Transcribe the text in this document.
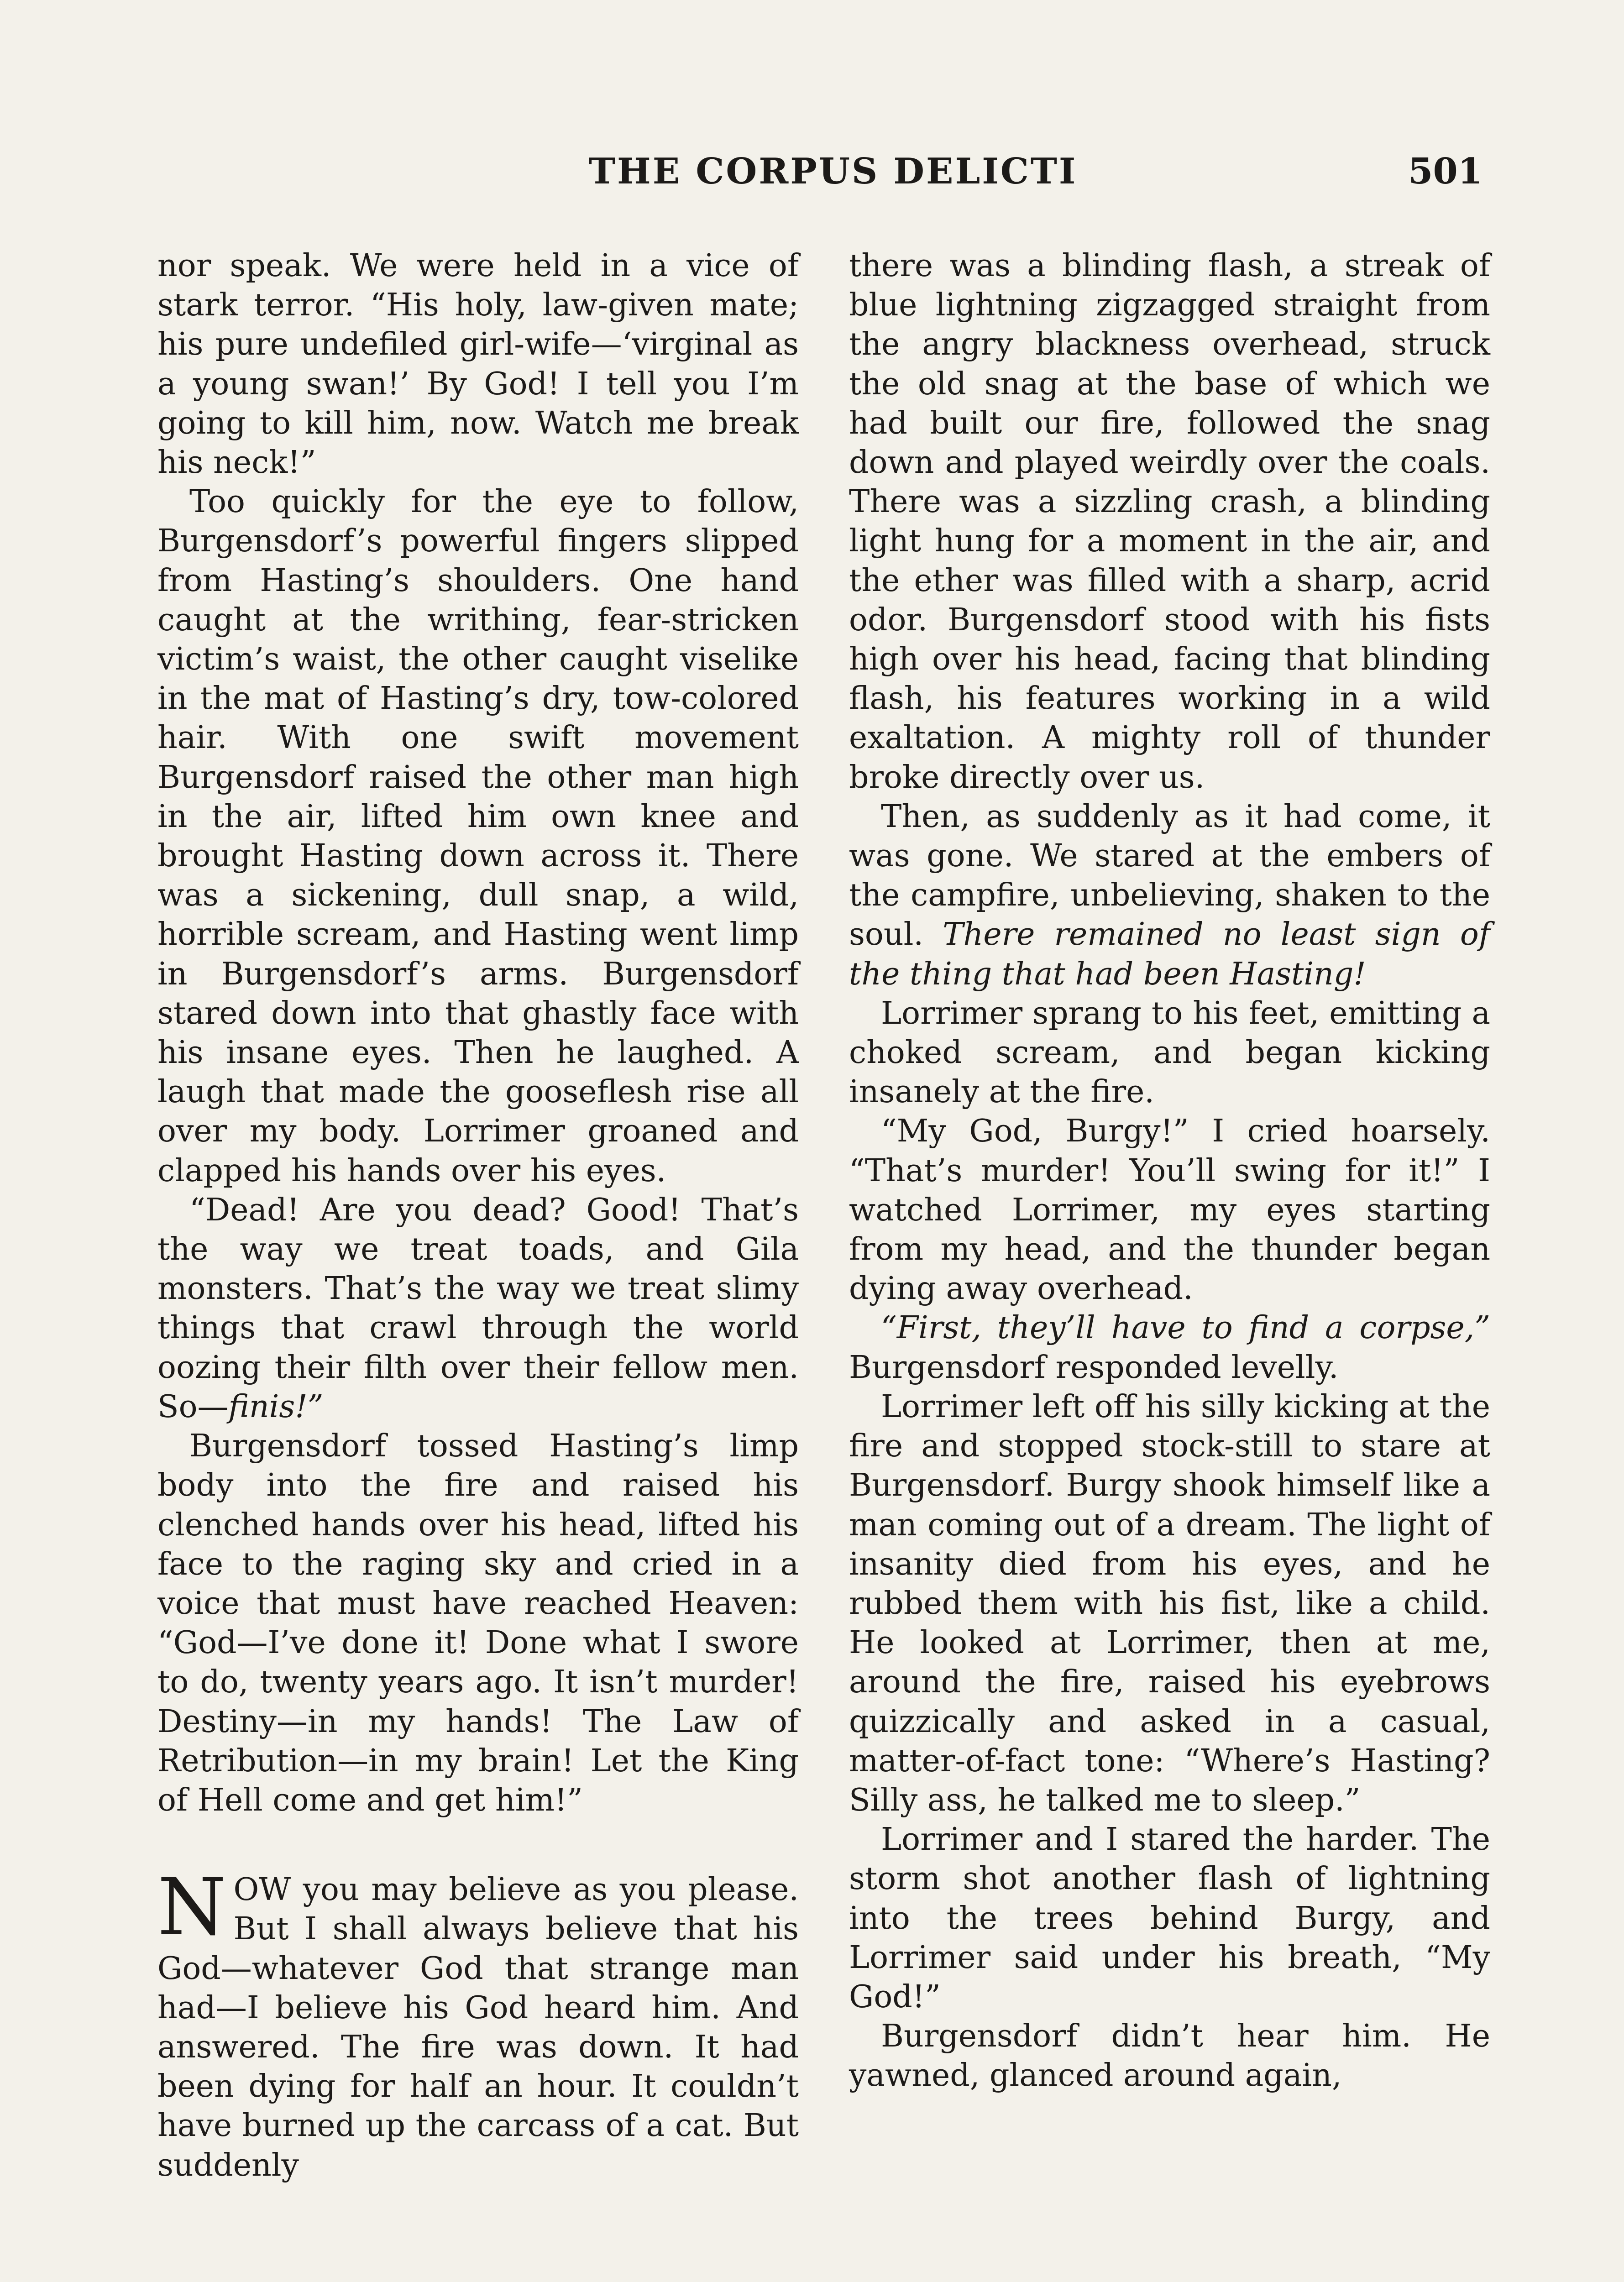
THE CORPUS DELICTI	501

nor speak. We were held in a vice of stark terror. “His holy, law-given mate; his pure undefiled girl-wife—‘virginal as a young swan!’ By God! I tell you I’m going to kill him, now. Watch me break his neck!”

Too quickly for the eye to follow, Burgensdorf’s powerful fingers slipped from Hasting’s shoulders. One hand caught at the writhing, fear-stricken victim’s waist, the other caught viselike in the mat of Hasting’s dry, tow-colored hair. With one swift movement Burgensdorf raised the other man high in the air, lifted him own knee and brought Hasting down across it. There was a sickening, dull snap, a wild, horrible scream, and Hasting went limp in Burgensdorf’s arms. Burgensdorf stared down into that ghastly face with his insane eyes. Then he laughed. A laugh that made the gooseflesh rise all over my body. Lorrimer groaned and clapped his hands over his eyes.

“Dead! Are you dead? Good! That’s the way we treat toads, and Gila monsters. That’s the way we treat slimy things that crawl through the world oozing their filth over their fellow men. So—finis!”

Burgensdorf tossed Hasting’s limp body into the fire and raised his clenched hands over his head, lifted his face to the raging sky and cried in a voice that must have reached Heaven: “God—I’ve done it! Done what I swore to do, twenty years ago. It isn’t murder! Destiny—in my hands! The Law of Retribution—in my brain! Let the King of Hell come and get him!”

NOW you may believe as you please. But I shall always believe that his God—whatever God that strange man had—I believe his God heard him. And answered. The fire was down. It had been dying for half an hour. It couldn’t have burned up the carcass of a cat. But suddenly

there was a blinding flash, a streak of blue lightning zigzagged straight from the angry blackness overhead, struck the old snag at the base of which we had built our fire, followed the snag down and played weirdly over the coals. There was a sizzling crash, a blinding light hung for a moment in the air, and the ether was filled with a sharp, acrid odor. Burgensdorf stood with his fists high over his head, facing that blinding flash, his features working in a wild exaltation. A mighty roll of thunder broke directly over us.

Then, as suddenly as it had come, it was gone. We stared at the embers of the campfire, unbelieving, shaken to the soul. There remained no least sign of the thing that had been Hasting!

Lorrimer sprang to his feet, emitting a choked scream, and began kicking insanely at the fire.

“My God, Burgy!” I cried hoarsely. “That’s murder! You’ll swing for it!” I watched Lorrimer, my eyes starting from my head, and the thunder began dying away overhead.

“First, they’ll have to find a corpse,” Burgensdorf responded levelly.

Lorrimer left off his silly kicking at the fire and stopped stock-still to stare at Burgensdorf. Burgy shook himself like a man coming out of a dream. The light of insanity died from his eyes, and he rubbed them with his fist, like a child. He looked at Lorrimer, then at me, around the fire, raised his eyebrows quizzically and asked in a casual, matter-of-fact tone: “Where’s Hasting? Silly ass, he talked me to sleep.”

Lorrimer and I stared the harder. The storm shot another flash of lightning into the trees behind Burgy, and Lorrimer said under his breath, “My God!”

Burgensdorf didn’t hear him. He yawned, glanced around again,
